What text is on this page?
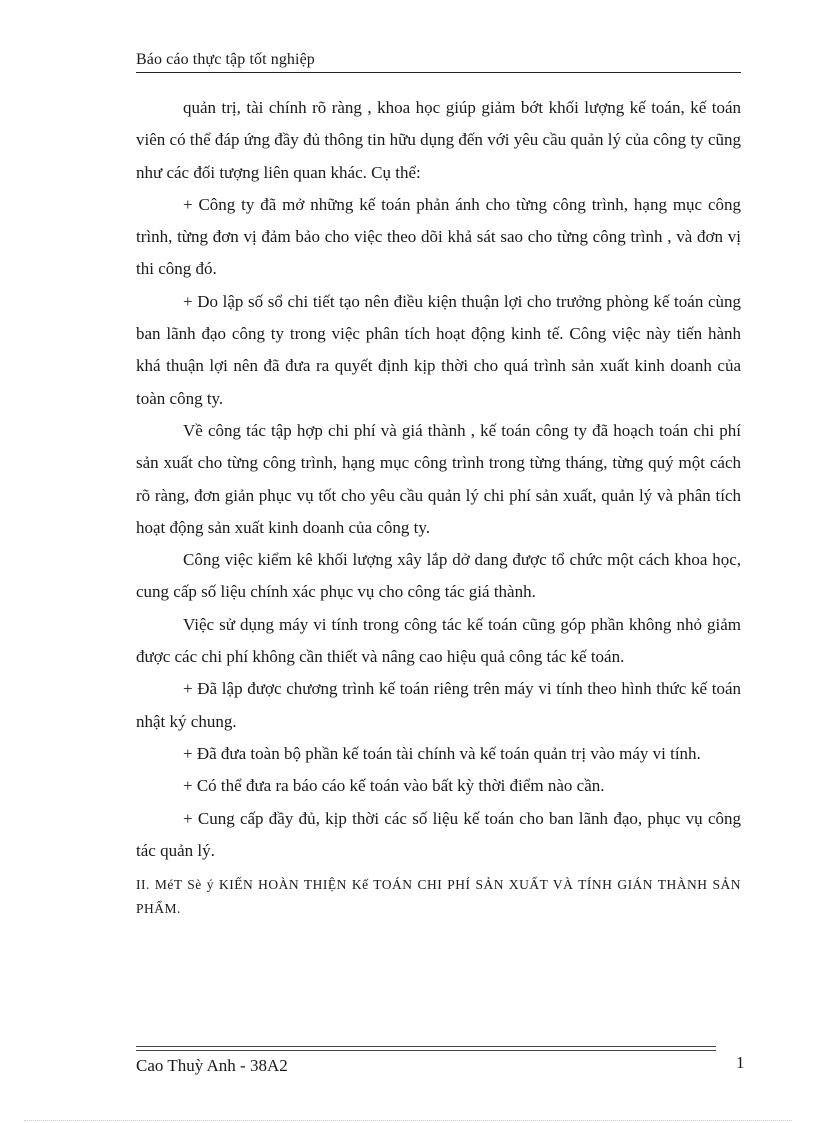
Báo cáo thực tập tốt nghiệp

quản trị, tài chính rõ ràng , khoa học giúp giảm bớt khối lượng kế toán, kế toán viên có thể đáp ứng đầy đủ thông tin hữu dụng đến với yêu cầu quản lý của công ty cũng như các đối tượng liên quan khác. Cụ thể:

+ Công ty đã mở những kế toán phản ánh cho từng công trình, hạng mục công trình, từng đơn vị đảm bảo cho việc theo dõi khả sát sao cho từng công trình , và đơn vị thi công đó.

+ Do lập số sổ chi tiết tạo nên điều kiện thuận lợi cho trưởng phòng kế toán cùng ban lãnh đạo công ty trong việc phân tích hoạt động kinh tế. Công việc này tiến hành khá thuận lợi nên đã đưa ra quyết định kịp thời cho quá trình sản xuất kinh doanh của toàn công ty.

Về công tác tập hợp chi phí và giá thành , kế toán công ty đã hoạch toán chi phí sản xuất cho từng công trình, hạng mục công trình trong từng tháng, từng quý một cách rõ ràng, đơn giản phục vụ tốt cho yêu cầu quản lý chi phí sản xuất, quản lý và phân tích hoạt động sản xuất kinh doanh của công ty.

Công việc kiểm kê khối lượng xây lắp dở dang được tổ chức một cách khoa học, cung cấp số liệu chính xác phục vụ cho công tác giá thành.

Việc sử dụng máy vi tính trong công tác kế toán cũng góp phần không nhỏ giảm được các chi phí không cần thiết và nâng cao hiệu quả công tác kế toán.

+ Đã lập được chương trình kế toán riêng trên máy vi tính theo hình thức kế toán nhật ký chung.

+ Đã đưa toàn bộ phần kế toán tài chính và kế toán quản trị vào máy vi tính.

+ Có thể đưa ra báo cáo kế toán vào bất kỳ thời điểm nào cần.

+ Cung cấp đầy đủ, kịp thời các số liệu kế toán cho ban lãnh đạo, phục vụ công tác quản lý.

II. MéT Sè ý KIẾN HOÀN THIỆN Kế TOÁN CHI PHÍ SẢN XUẤT VÀ TÍNH GIÁN THÀNH SẢN PHẨM.

Cao Thuỳ Anh - 38A2	1
